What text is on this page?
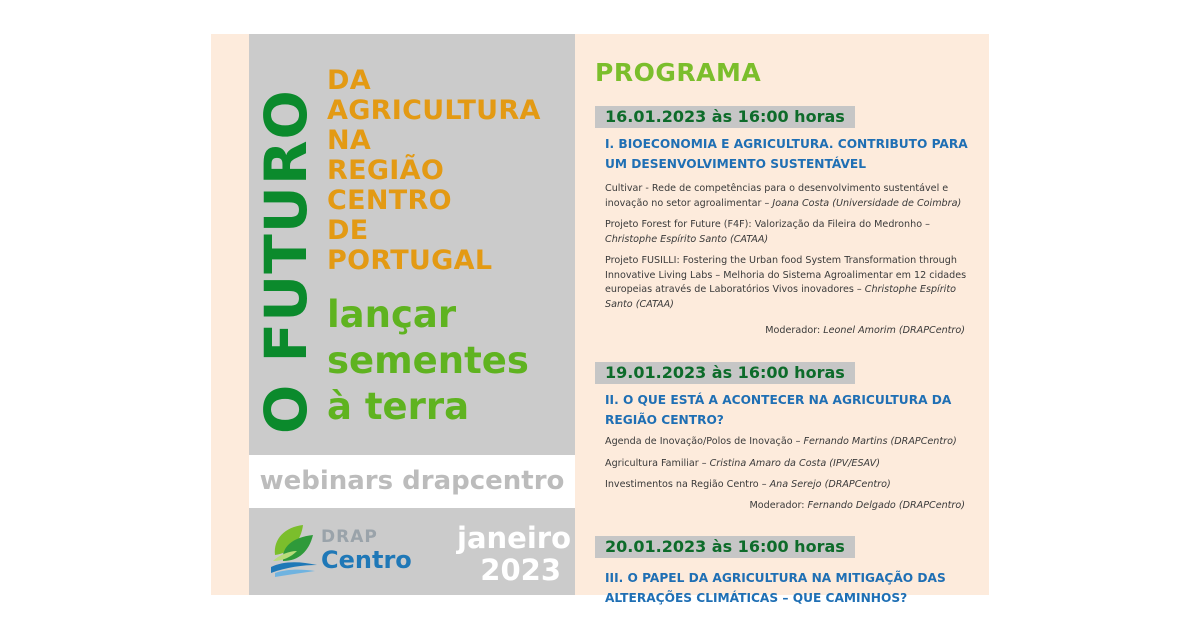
O FUTURO
DA
AGRICULTURA
NA
REGIÃO
CENTRO
DE
PORTUGAL
lançar
sementes
à terra
webinars drapcentro
DRAP
Centro
janeiro
2023
PROGRAMA
16.01.2023 às 16:00 horas
I. BIOECONOMIA E AGRICULTURA. CONTRIBUTO PARA UM DESENVOLVIMENTO SUSTENTÁVEL
Cultivar - Rede de competências para o desenvolvimento sustentável e inovação no setor agroalimentar – Joana Costa (Universidade de Coimbra)
Projeto Forest for Future (F4F): Valorização da Fileira do Medronho – Christophe Espírito Santo (CATAA)
Projeto FUSILLI: Fostering the Urban food System Transformation through Innovative Living Labs – Melhoria do Sistema Agroalimentar em 12 cidades europeias através de Laboratórios Vivos inovadores – Christophe Espírito Santo (CATAA)
Moderador: Leonel Amorim (DRAPCentro)
19.01.2023 às 16:00 horas
II. O QUE ESTÁ A ACONTECER NA AGRICULTURA DA REGIÃO CENTRO?
Agenda de Inovação/Polos de Inovação – Fernando Martins (DRAPCentro)
Agricultura Familiar – Cristina Amaro da Costa (IPV/ESAV)
Investimentos na Região Centro – Ana Serejo (DRAPCentro)
Moderador: Fernando Delgado (DRAPCentro)
20.01.2023 às 16:00 horas
III. O PAPEL DA AGRICULTURA NA MITIGAÇÃO DAS ALTERAÇÕES CLIMÁTICAS – QUE CAMINHOS?
